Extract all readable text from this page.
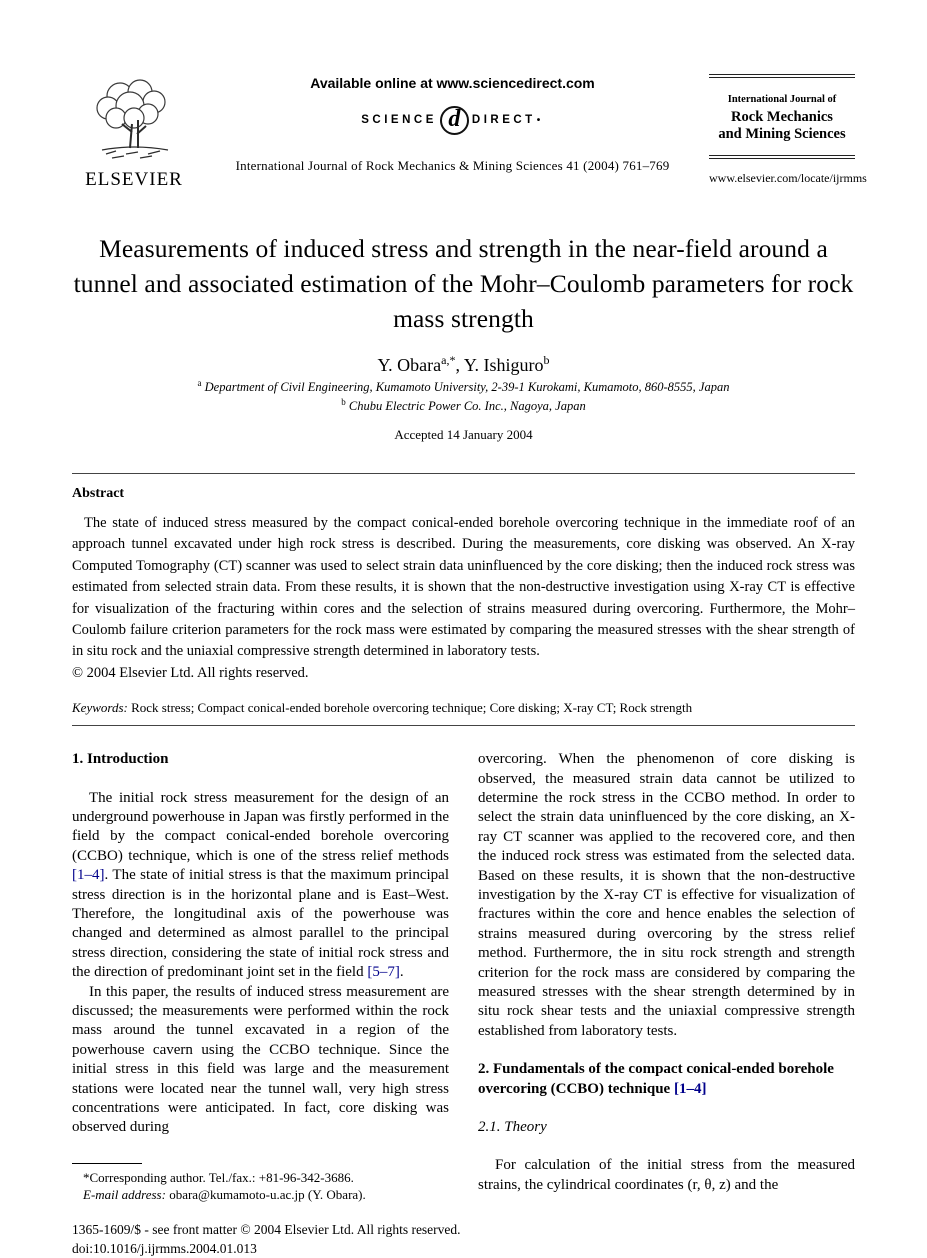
ELSEVIER
Available online at www.sciencedirect.com
SCIENCE d	DIRECT •
International Journal of Rock Mechanics & Mining Sciences 41 (2004) 761–769
International Journal of
Rock Mechanics
and Mining Sciences
www.elsevier.com/locate/ijrmms
Measurements of induced stress and strength in the near-field around a tunnel and associated estimation of the Mohr–Coulomb parameters for rock mass strength
Y. Obara$^{a,*}$, Y. Ishiguro$^b$
$^a$ Department of Civil Engineering, Kumamoto University, 2-39-1 Kurokami, Kumamoto, 860-8555, Japan
$^b$ Chubu Electric Power Co. Inc., Nagoya, Japan
Accepted 14 January 2004
Abstract

The state of induced stress measured by the compact conical-ended borehole overcoring technique in the immediate roof of an approach tunnel excavated under high rock stress is described. During the measurements, core disking was observed. An X-ray Computed Tomography (CT) scanner was used to select strain data uninfluenced by the core disking; then the induced rock stress was estimated from selected strain data. From these results, it is shown that the non-destructive investigation using X-ray CT is effective for visualization of the fracturing within cores and the selection of strains measured during overcoring. Furthermore, the Mohr–Coulomb failure criterion parameters for the rock mass were estimated by comparing the measured stresses with the shear strength of in situ rock and the uniaxial compressive strength determined in laboratory tests.

© 2004 Elsevier Ltd. All rights reserved.
Keywords: Rock stress; Compact conical-ended borehole overcoring technique; Core disking; X-ray CT; Rock strength
1. Introduction

The initial rock stress measurement for the design of an underground powerhouse in Japan was firstly performed in the field by the compact conical-ended borehole overcoring (CCBO) technique, which is one of the stress relief methods [1–4]. The state of initial stress is that the maximum principal stress direction is in the horizontal plane and is East–West. Therefore, the longitudinal axis of the powerhouse was changed and determined as almost parallel to the principal stress direction, considering the state of initial rock stress and the direction of predominant joint set in the field [5–7].

In this paper, the results of induced stress measurement are discussed; the measurements were performed within the rock mass around the tunnel excavated in a region of the powerhouse cavern using the CCBO technique. Since the initial stress in this field was large and the measurement stations were located near the tunnel wall, very high stress concentrations were anticipated. In fact, core disking was observed during

*Corresponding author. Tel./fax.: +81-96-342-3686.
E-mail address: obara@kumamoto-u.ac.jp (Y. Obara).

overcoring. When the phenomenon of core disking is observed, the measured strain data cannot be utilized to determine the rock stress in the CCBO method. In order to select the strain data uninfluenced by the core disking, an X-ray CT scanner was applied to the recovered core, and then the induced rock stress was estimated from the selected data. Based on these results, it is shown that the non-destructive investigation by the X-ray CT is effective for visualization of fractures within the core and hence enables the selection of strains measured during overcoring by the stress relief method. Furthermore, the in situ rock strength and strength criterion for the rock mass are considered by comparing the measured stresses with the shear strength determined by in situ rock shear tests and the uniaxial compressive strength established from laboratory tests.

2. Fundamentals of the compact conical-ended borehole overcoring (CCBO) technique [1–4]
2.1. Theory

For calculation of the initial stress from the measured strains, the cylindrical coordinates (r, θ, z) and the

1365-1609/$ - see front matter © 2004 Elsevier Ltd. All rights reserved.
doi:10.1016/j.ijrmms.2004.01.013
